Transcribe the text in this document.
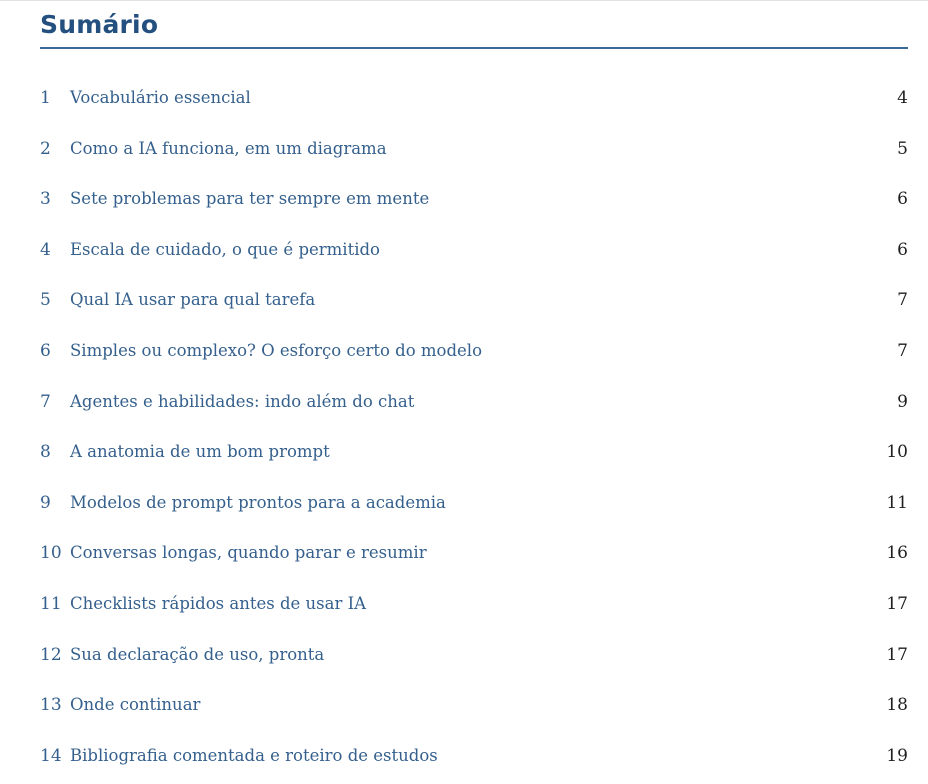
Sumário
1 Vocabulário essencial	4
2 Como a IA funciona, em um diagrama	5
3 Sete problemas para ter sempre em mente	6
4 Escala de cuidado, o que é permitido	6
5 Qual IA usar para qual tarefa	7
6 Simples ou complexo? O esforço certo do modelo	7
7 Agentes e habilidades: indo além do chat	9
8 A anatomia de um bom prompt	10
9 Modelos de prompt prontos para a academia	11
10 Conversas longas, quando parar e resumir	16
11 Checklists rápidos antes de usar IA	17
12 Sua declaração de uso, pronta	17
13 Onde continuar	18
14 Bibliografia comentada e roteiro de estudos	19
